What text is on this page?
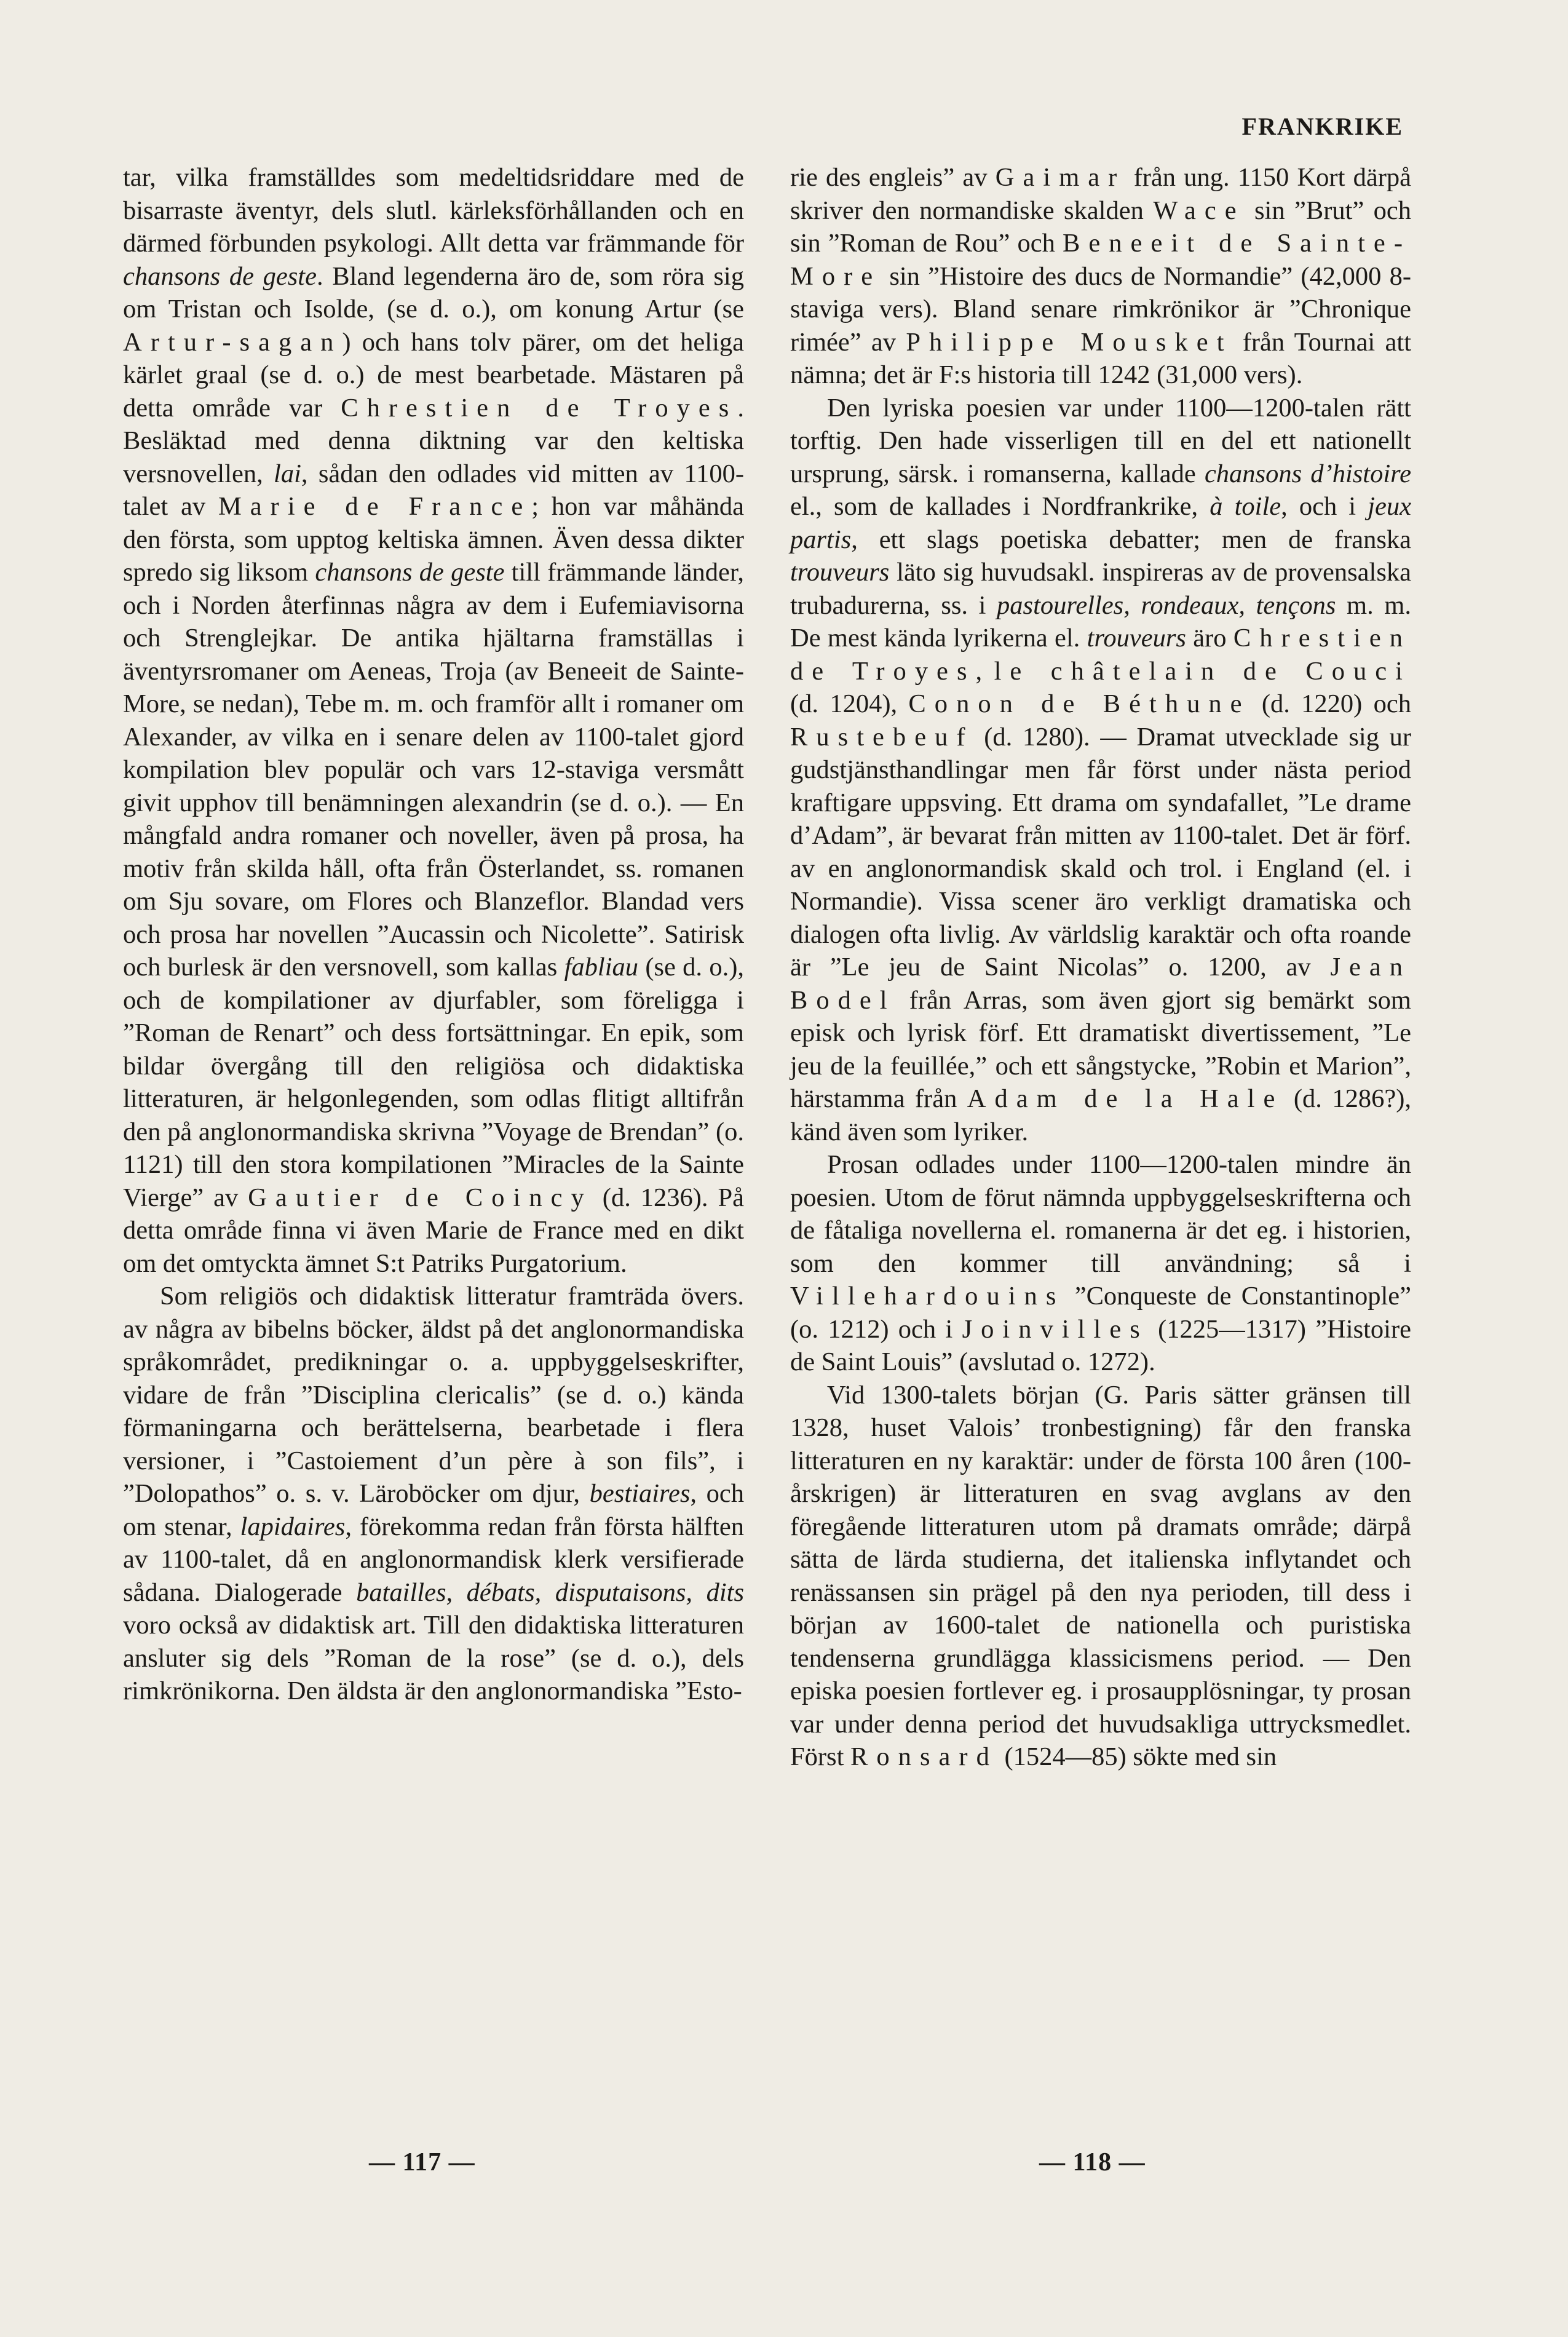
FRANKRIKE

tar, vilka framställdes som medeltidsriddare med de bisarraste äventyr, dels slutl. kärleksförhållanden och en därmed förbunden psykologi. Allt detta var främmande för chansons de geste. Bland legenderna äro de, som röra sig om Tristan och Isolde, (se d. o.), om konung Artur (se Artur-sagan) och hans tolv pärer, om det heliga kärlet graal (se d. o.) de mest bearbetade. Mästaren på detta område var Chrestien de Troyes. Besläktad med denna diktning var den keltiska versnovellen, lai, sådan den odlades vid mitten av 1100-talet av Marie de France; hon var måhända den första, som upptog keltiska ämnen. Även dessa dikter spredo sig liksom chansons de geste till främmande länder, och i Norden återfinnas några av dem i Eufemiavisorna och Strenglejkar. De antika hjältarna framställas i äventyrsromaner om Aeneas, Troja (av Beneeit de Sainte-More, se nedan), Tebe m. m. och framför allt i romaner om Alexander, av vilka en i senare delen av 1100-talet gjord kompilation blev populär och vars 12-staviga versmått givit upphov till benämningen alexandrin (se d. o.). — En mångfald andra romaner och noveller, även på prosa, ha motiv från skilda håll, ofta från Österlandet, ss. romanen om Sju sovare, om Flores och Blanzeflor. Blandad vers och prosa har novellen ”Aucassin och Nicolette”. Satirisk och burlesk är den versnovell, som kallas fabliau (se d. o.), och de kompilationer av djurfabler, som föreligga i ”Roman de Renart” och dess fortsättningar. En epik, som bildar övergång till den religiösa och didaktiska litteraturen, är helgonlegenden, som odlas flitigt alltifrån den på anglonormandiska skrivna ”Voyage de Brendan” (o. 1121) till den stora kompilationen ”Miracles de la Sainte Vierge” av Gautier de Coincy (d. 1236). På detta område finna vi även Marie de France med en dikt om det omtyckta ämnet S:t Patriks Purgatorium.

Som religiös och didaktisk litteratur framträda övers. av några av bibelns böcker, äldst på det anglonormandiska språkområdet, predikningar o. a. uppbyggelseskrifter, vidare de från ”Disciplina clericalis” (se d. o.) kända förmaningarna och berättelserna, bearbetade i flera versioner, i ”Castoiement d’un père à son fils”, i ”Dolopathos” o. s. v. Läroböcker om djur, bestiaires, och om stenar, lapidaires, förekomma redan från första hälften av 1100-talet, då en anglonormandisk klerk versifierade sådana. Dialogerade batailles, débats, disputaisons, dits voro också av didaktisk art. Till den didaktiska litteraturen ansluter sig dels ”Roman de la rose” (se d. o.), dels rimkrönikorna. Den äldsta är den anglonormandiska ”Esto-

rie des engleis” av Gaimar från ung. 1150 Kort därpå skriver den normandiske skalden Wace sin ”Brut” och sin ”Roman de Rou” och Beneeit de Sainte-More sin ”Histoire des ducs de Normandie” (42,000 8-staviga vers). Bland senare rimkrönikor är ”Chronique rimée” av Philippe Mousket från Tournai att nämna; det är F:s historia till 1242 (31,000 vers).

Den lyriska poesien var under 1100—1200-talen rätt torftig. Den hade visserligen till en del ett nationellt ursprung, särsk. i romanserna, kallade chansons d’histoire el., som de kallades i Nordfrankrike, à toile, och i jeux partis, ett slags poetiska debatter; men de franska trouveurs läto sig huvudsakl. inspireras av de provensalska trubadurerna, ss. i pastourelles, rondeaux, tençons m. m. De mest kända lyrikerna el. trouveurs äro Chrestien de Troyes, le châtelain de Couci (d. 1204), Conon de Béthune (d. 1220) och Rustebeuf (d. 1280). — Dramat utvecklade sig ur gudstjänsthandlingar men får först under nästa period kraftigare uppsving. Ett drama om syndafallet, ”Le drame d’Adam”, är bevarat från mitten av 1100-talet. Det är förf. av en anglonormandisk skald och trol. i England (el. i Normandie). Vissa scener äro verkligt dramatiska och dialogen ofta livlig. Av världslig karaktär och ofta roande är ”Le jeu de Saint Nicolas” o. 1200, av Jean Bodel från Arras, som även gjort sig bemärkt som episk och lyrisk förf. Ett dramatiskt divertissement, ”Le jeu de la feuillée,” och ett sångstycke, ”Robin et Marion”, härstamma från Adam de la Hale (d. 1286?), känd även som lyriker.

Prosan odlades under 1100—1200-talen mindre än poesien. Utom de förut nämnda uppbyggelseskrifterna och de fåtaliga novellerna el. romanerna är det eg. i historien, som den kommer till användning; så i Villehardouins ”Conqueste de Constantinople” (o. 1212) och i Joinvilles (1225—1317) ”Histoire de Saint Louis” (avslutad o. 1272).

Vid 1300-talets början (G. Paris sätter gränsen till 1328, huset Valois’ tronbestigning) får den franska litteraturen en ny karaktär: under de första 100 åren (100-årskrigen) är litteraturen en svag avglans av den föregående litteraturen utom på dramats område; därpå sätta de lärda studierna, det italienska inflytandet och renässansen sin prägel på den nya perioden, till dess i början av 1600-talet de nationella och puristiska tendenserna grundlägga klassicismens period. — Den episka poesien fortlever eg. i prosaupplösningar, ty prosan var under denna period det huvudsakliga uttrycksmedlet. Först Ronsard (1524—85) sökte med sin

— 117 —	— 118 —
